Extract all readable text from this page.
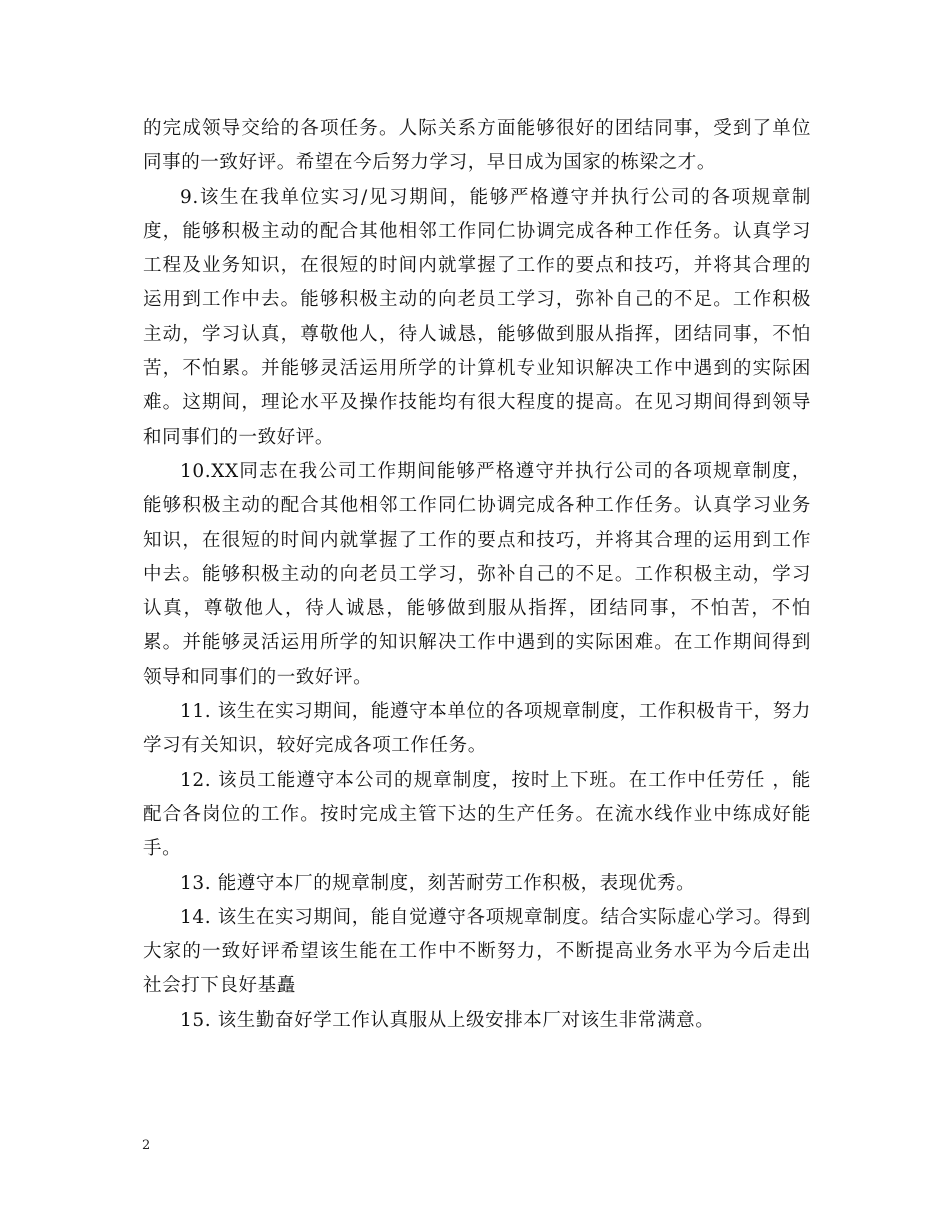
的完成领导交给的各项任务。人际关系方面能够很好的团结同事，受到了单位同事的一致好评。希望在今后努力学习，早日成为国家的栋梁之才。

9.该生在我单位实习/见习期间，能够严格遵守并执行公司的各项规章制度，能够积极主动的配合其他相邻工作同仁协调完成各种工作任务。认真学习工程及业务知识，在很短的时间内就掌握了工作的要点和技巧，并将其合理的运用到工作中去。能够积极主动的向老员工学习，弥补自己的不足。工作积极主动，学习认真，尊敬他人，待人诚恳，能够做到服从指挥，团结同事，不怕苦，不怕累。并能够灵活运用所学的计算机专业知识解决工作中遇到的实际困难。这期间，理论水平及操作技能均有很大程度的提高。在见习期间得到领导和同事们的一致好评。

10.XX同志在我公司工作期间能够严格遵守并执行公司的各项规章制度，能够积极主动的配合其他相邻工作同仁协调完成各种工作任务。认真学习业务知识，在很短的时间内就掌握了工作的要点和技巧，并将其合理的运用到工作中去。能够积极主动的向老员工学习，弥补自己的不足。工作积极主动，学习认真，尊敬他人，待人诚恳，能够做到服从指挥，团结同事，不怕苦，不怕累。并能够灵活运用所学的知识解决工作中遇到的实际困难。在工作期间得到领导和同事们的一致好评。

11. 该生在实习期间，能遵守本单位的各项规章制度，工作积极肯干，努力学习有关知识，较好完成各项工作任务。

12. 该员工能遵守本公司的规章制度，按时上下班。在工作中任劳任 ，能配合各岗位的工作。按时完成主管下达的生产任务。在流水线作业中练成好能手。

13. 能遵守本厂的规章制度，刻苦耐劳工作积极，表现优秀。

14. 该生在实习期间，能自觉遵守各项规章制度。结合实际虚心学习。得到大家的一致好评希望该生能在工作中不断努力，不断提高业务水平为今后走出社会打下良好基矗

15. 该生勤奋好学工作认真服从上级安排本厂对该生非常满意。

2
